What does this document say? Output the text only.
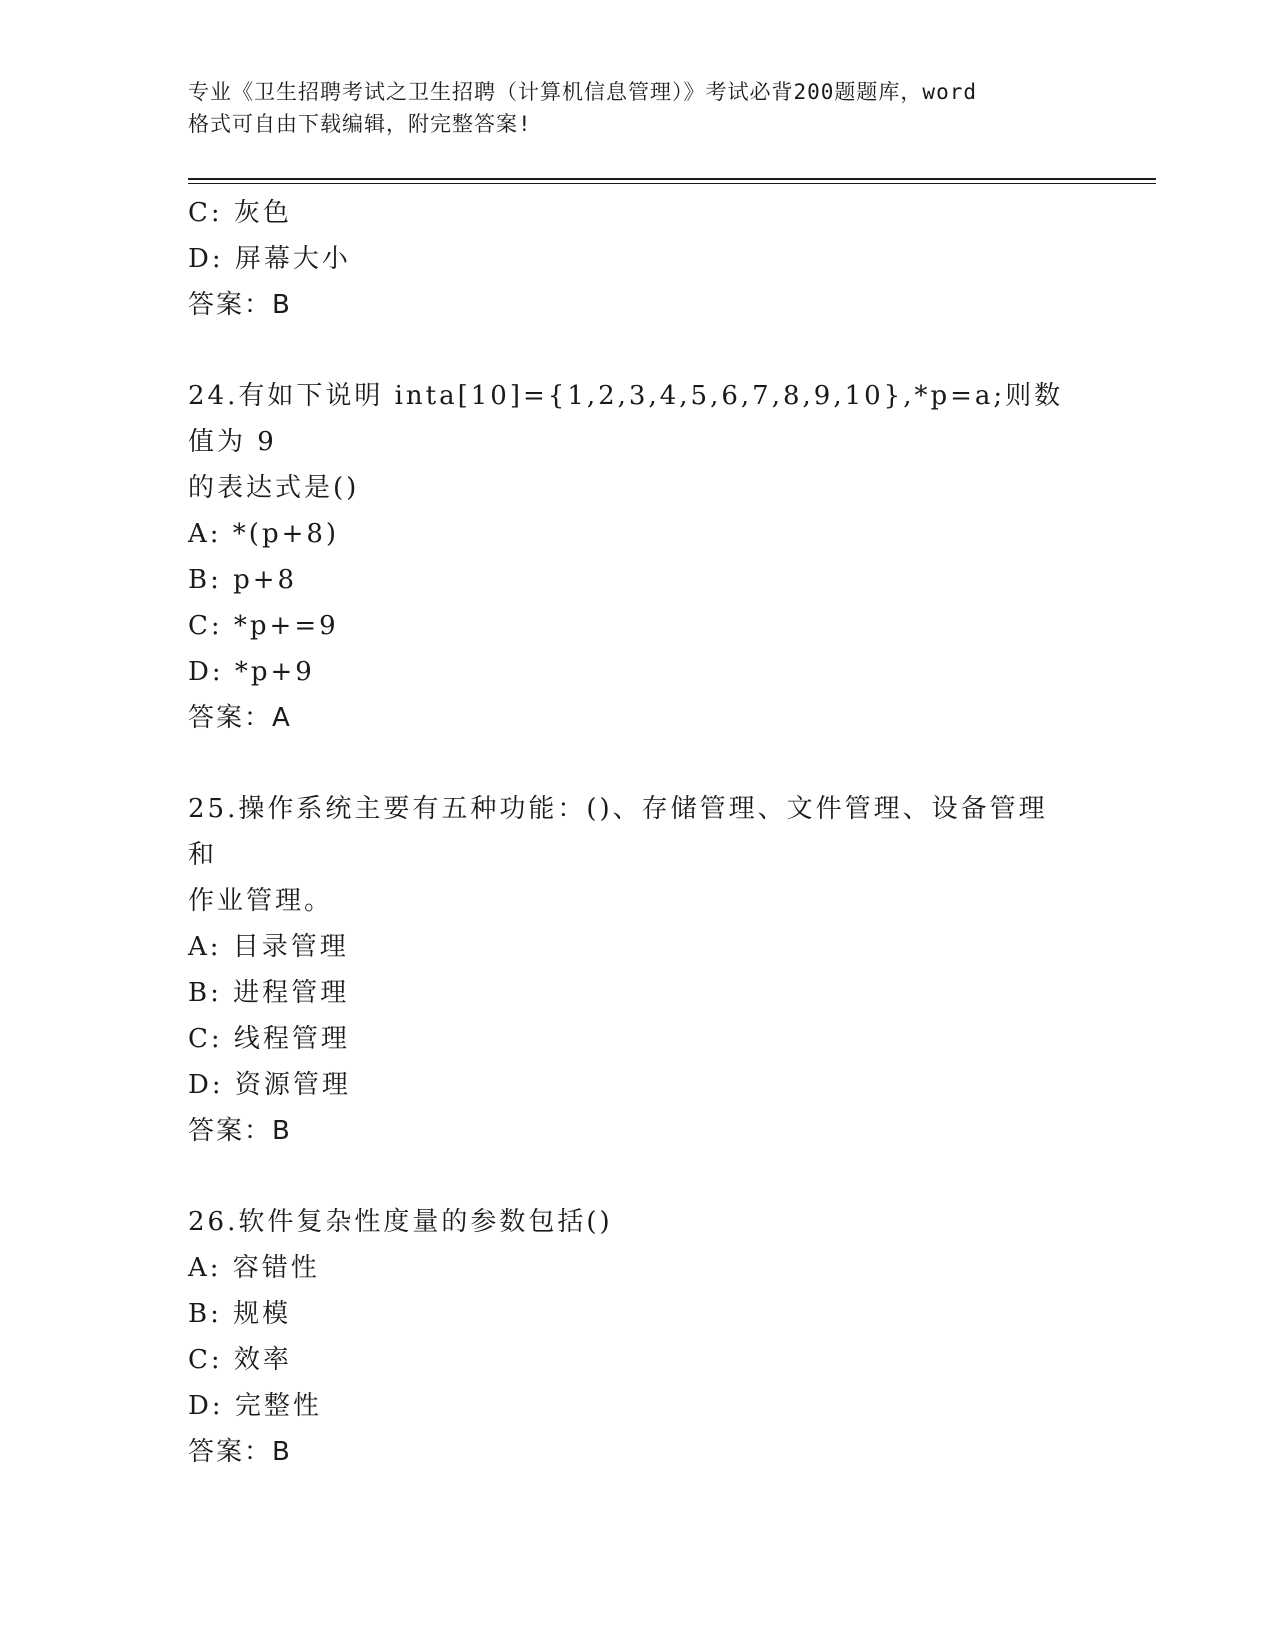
专业《卫生招聘考试之卫生招聘（计算机信息管理）》考试必背200题题库，word
格式可自由下载编辑，附完整答案!
C: 灰色
D: 屏幕大小
答案：B
24.有如下说明 inta[10]={1,2,3,4,5,6,7,8,9,10},*p=a;则数值为 9
的表达式是()
A: *(p+8)
B: p+8
C: *p+=9
D: *p+9
答案：A
25.操作系统主要有五种功能：()、存储管理、文件管理、设备管理和
作业管理。
A: 目录管理
B: 进程管理
C: 线程管理
D: 资源管理
答案：B
26.软件复杂性度量的参数包括()
A: 容错性
B: 规模
C: 效率
D: 完整性
答案：B
